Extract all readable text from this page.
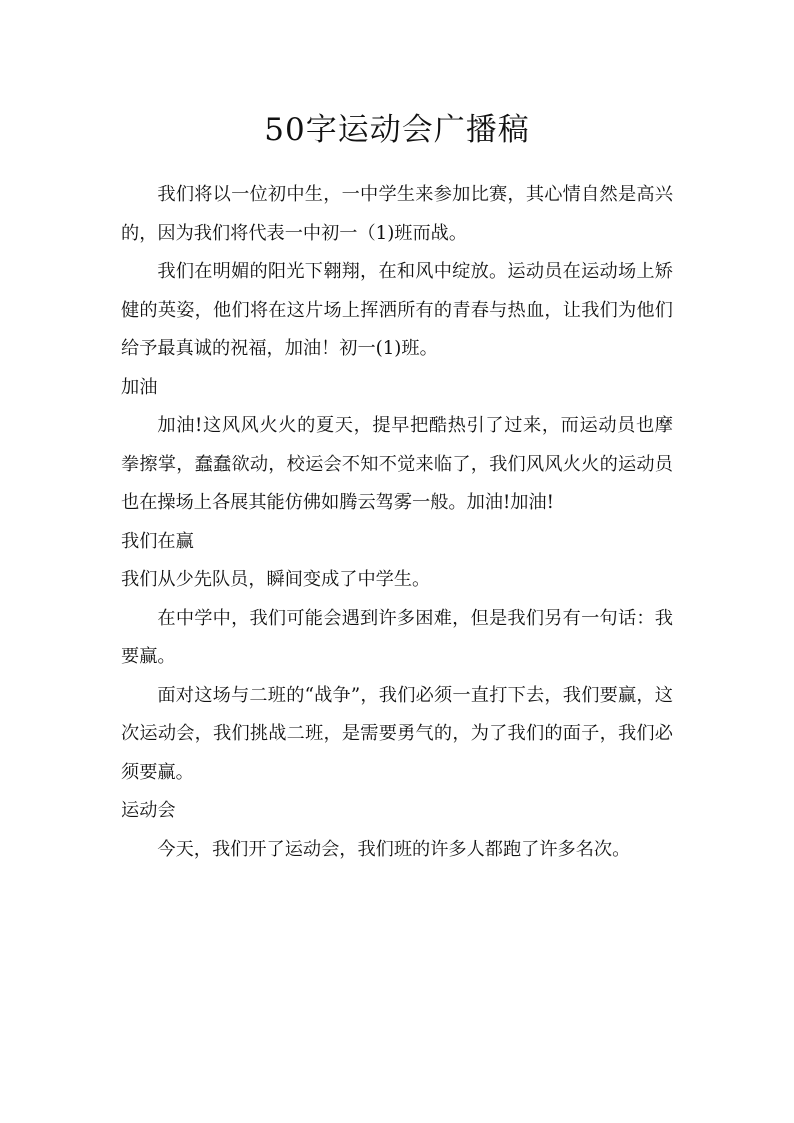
50字运动会广播稿

我们将以一位初中生，一中学生来参加比赛，其心情自然是高兴的，因为我们将代表一中初一（1)班而战。

我们在明媚的阳光下翱翔，在和风中绽放。运动员在运动场上矫健的英姿，他们将在这片场上挥洒所有的青春与热血，让我们为他们给予最真诚的祝福，加油！初一(1)班。

加油

加油!这风风火火的夏天，提早把酷热引了过来，而运动员也摩拳擦掌，蠢蠢欲动，校运会不知不觉来临了，我们风风火火的运动员也在操场上各展其能仿佛如腾云驾雾一般。加油!加油!

我们在赢

我们从少先队员，瞬间变成了中学生。

在中学中，我们可能会遇到许多困难，但是我们另有一句话：我要赢。

面对这场与二班的“战争”，我们必须一直打下去，我们要赢，这次运动会，我们挑战二班，是需要勇气的，为了我们的面子，我们必须要赢。

运动会

今天，我们开了运动会，我们班的许多人都跑了许多名次。
